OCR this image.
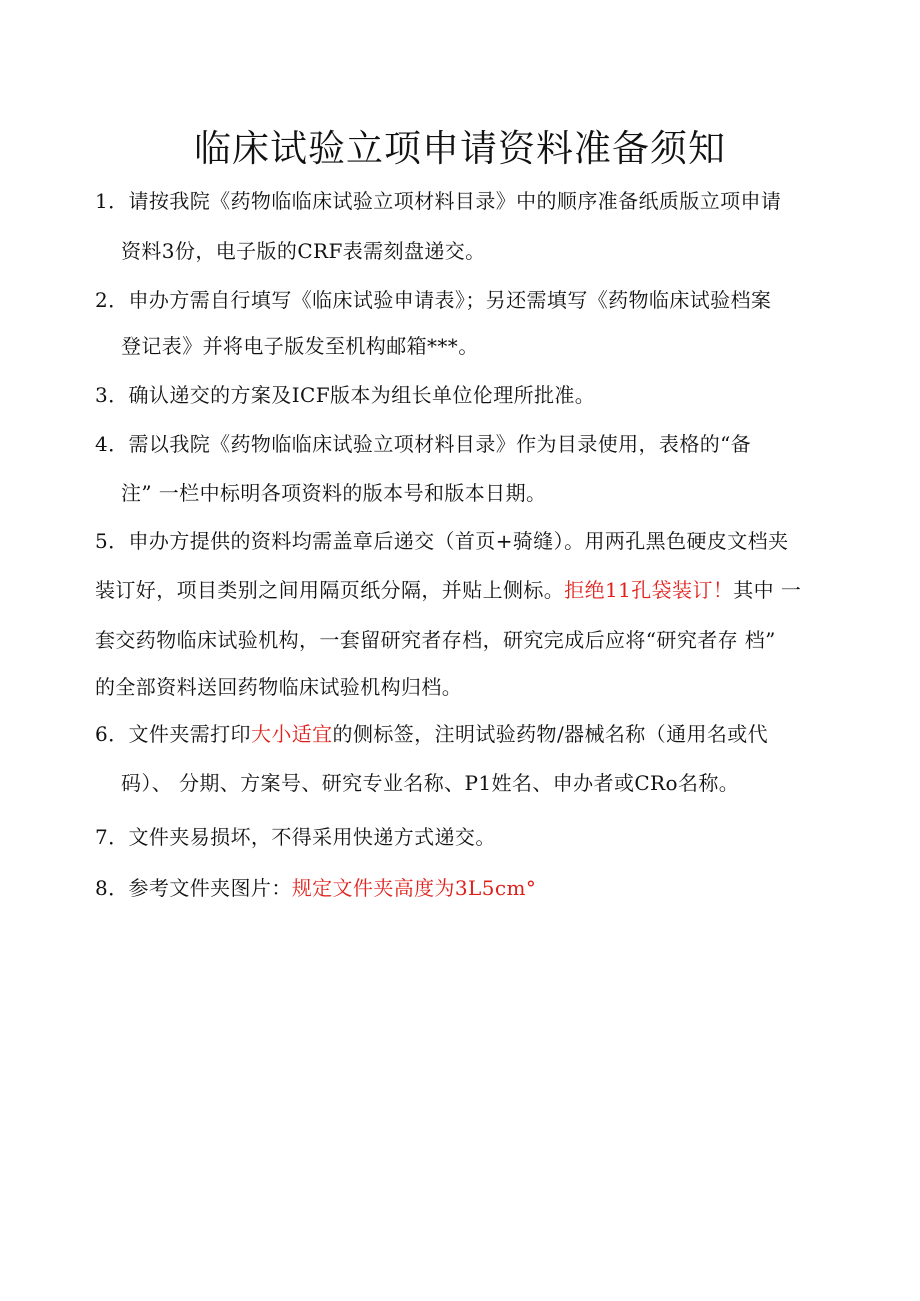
临床试验立项申请资料准备须知
1．请按我院《药物临临床试验立项材料目录》中的顺序准备纸质版立项申请
资料3份，电子版的CRF表需刻盘递交。
2．申办方需自行填写《临床试验申请表》；另还需填写《药物临床试验档案
登记表》并将电子版发至机构邮箱***。
3．确认递交的方案及ICF版本为组长单位伦理所批准。
4．需以我院《药物临临床试验立项材料目录》作为目录使用，表格的“备
注” 一栏中标明各项资料的版本号和版本日期。
5．申办方提供的资料均需盖章后递交（首页+骑缝）。用两孔黑色硬皮文档夹
装订好，项目类别之间用隔页纸分隔，并贴上侧标。拒绝11孔袋装订！其中 一
套交药物临床试验机构，一套留研究者存档，研究完成后应将“研究者存 档”
的全部资料送回药物临床试验机构归档。
6．文件夹需打印大小适宜的侧标签，注明试验药物/器械名称（通用名或代
码）、 分期、方案号、研究专业名称、P1姓名、申办者或CRo名称。
7．文件夹易损坏，不得采用快递方式递交。
8．参考文件夹图片：规定文件夹高度为3L5cm°
